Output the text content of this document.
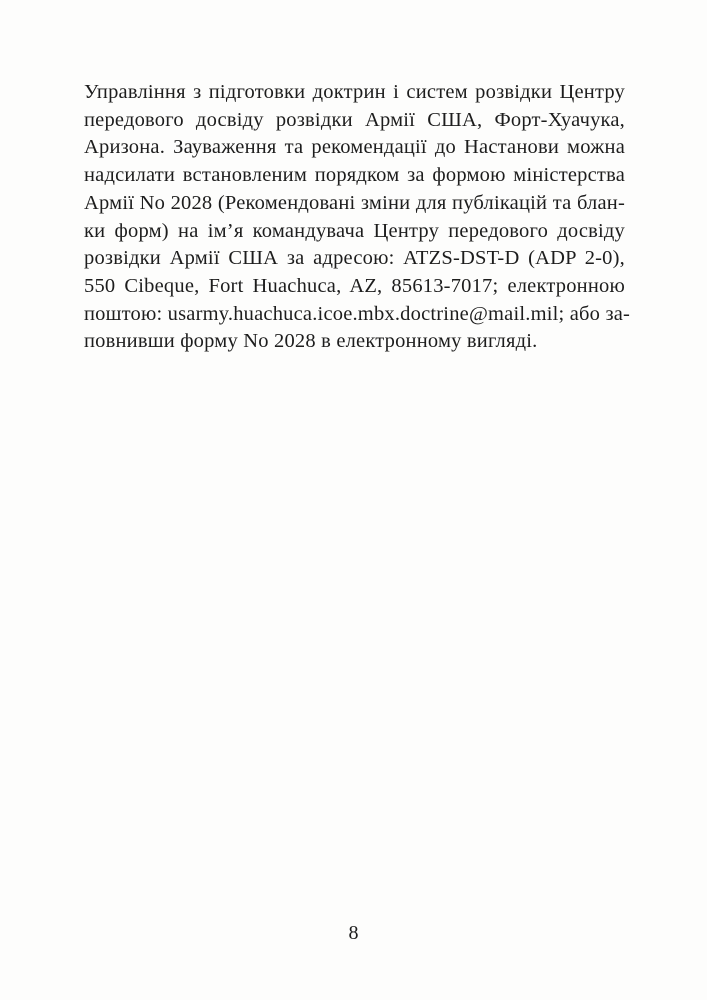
Управління з підготовки доктрин і систем розвідки Центру
передового досвіду розвідки Армії США, Форт-Хуачука,
Аризона. Зауваження та рекомендації до Настанови можна
надсилати встановленим порядком за формою міністерства
Армії No 2028 (Рекомендовані зміни для публікацій та блан-
ки форм) на ім’я командувача Центру передового досвіду
розвідки Армії США за адресою: ATZS-DST-D (ADP 2-0),
550 Cibeque, Fort Huachuca, AZ, 85613-7017; електронною
поштою: usarmy.huachuca.icoe.mbx.doctrine@mail.mil; або за-
повнивши форму No 2028 в електронному вигляді.
8
